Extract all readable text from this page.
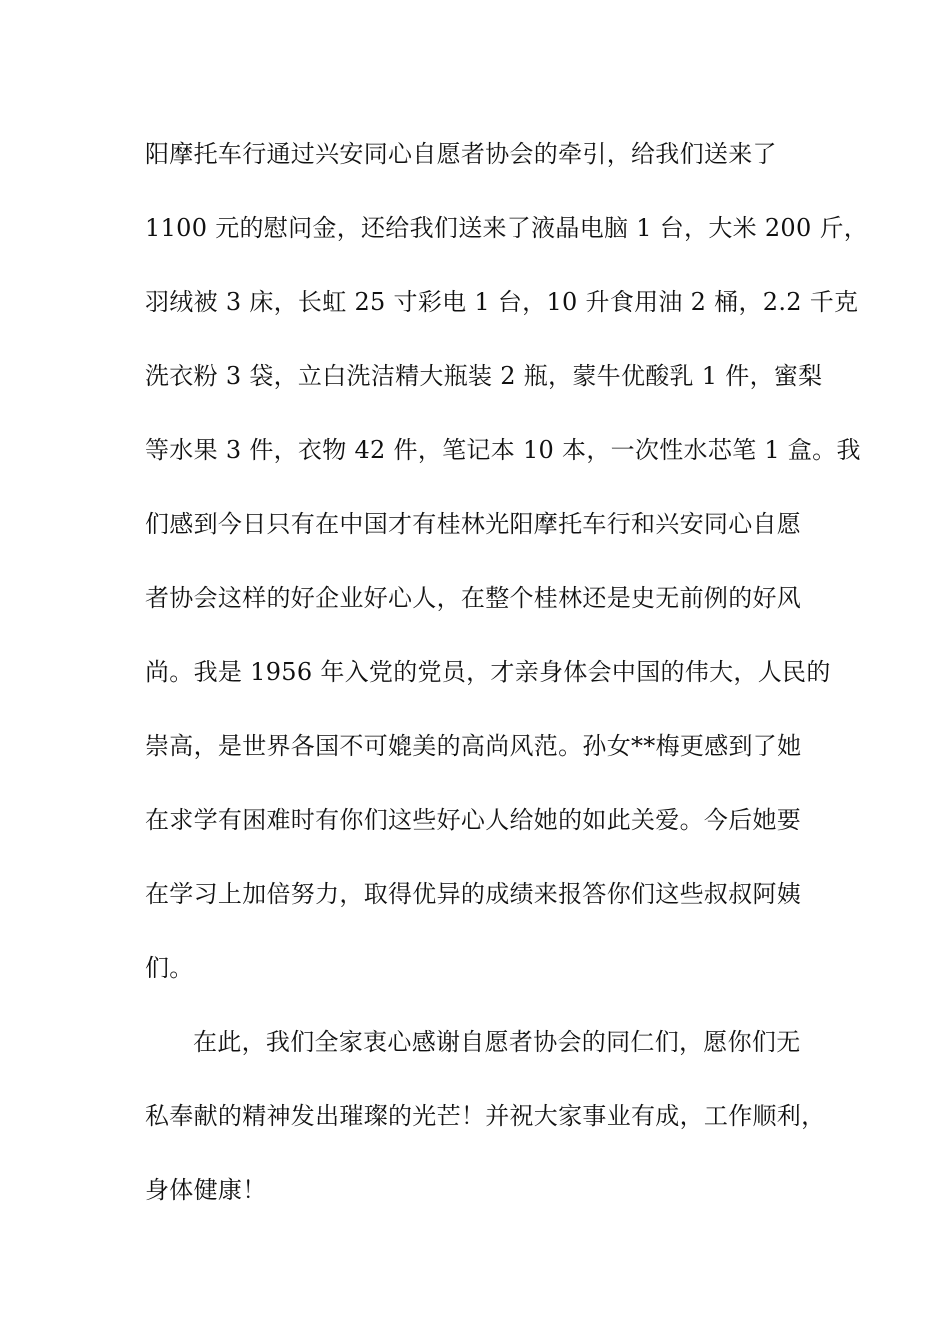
阳摩托车行通过兴安同心自愿者协会的牵引，给我们送来了
1100 元的慰问金，还给我们送来了液晶电脑 1 台，大米 200 斤，
羽绒被 3 床，长虹 25 寸彩电 1 台，10 升食用油 2 桶，2.2 千克
洗衣粉 3 袋，立白洗洁精大瓶装 2 瓶，蒙牛优酸乳 1 件，蜜梨
等水果 3 件，衣物 42 件，笔记本 10 本，一次性水芯笔 1 盒。我
们感到今日只有在中国才有桂林光阳摩托车行和兴安同心自愿
者协会这样的好企业好心人，在整个桂林还是史无前例的好风
尚。我是 1956 年入党的党员，才亲身体会中国的伟大，人民的
崇高，是世界各国不可媲美的高尚风范。孙女**梅更感到了她
在求学有困难时有你们这些好心人给她的如此关爱。今后她要
在学习上加倍努力，取得优异的成绩来报答你们这些叔叔阿姨
们。
在此，我们全家衷心感谢自愿者协会的同仁们，愿你们无
私奉献的精神发出璀璨的光芒！并祝大家事业有成，工作顺利，
身体健康！
